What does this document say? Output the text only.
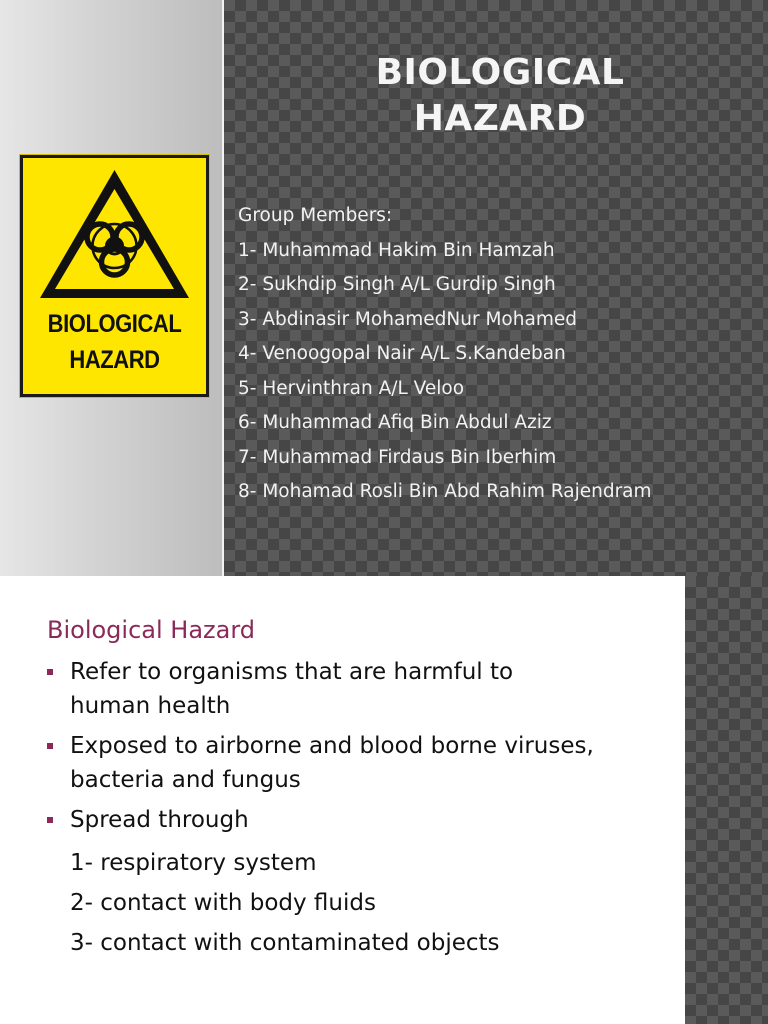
BIOLOGICAL
HAZARD
BIOLOGICAL
HAZARD
Group Members:
1- Muhammad Hakim Bin Hamzah
2- Sukhdip Singh A/L Gurdip Singh
3- Abdinasir MohamedNur Mohamed
4- Venoogopal Nair A/L S.Kandeban
5- Hervinthran A/L Veloo
6- Muhammad Afiq Bin Abdul Aziz
7- Muhammad Firdaus Bin Iberhim
8- Mohamad Rosli Bin Abd Rahim Rajendram
Biological Hazard
Refer to organisms that are harmful to
human health
Exposed to airborne and blood borne viruses,
bacteria and fungus
Spread through
1- respiratory system
2- contact with body fluids
3- contact with contaminated objects
